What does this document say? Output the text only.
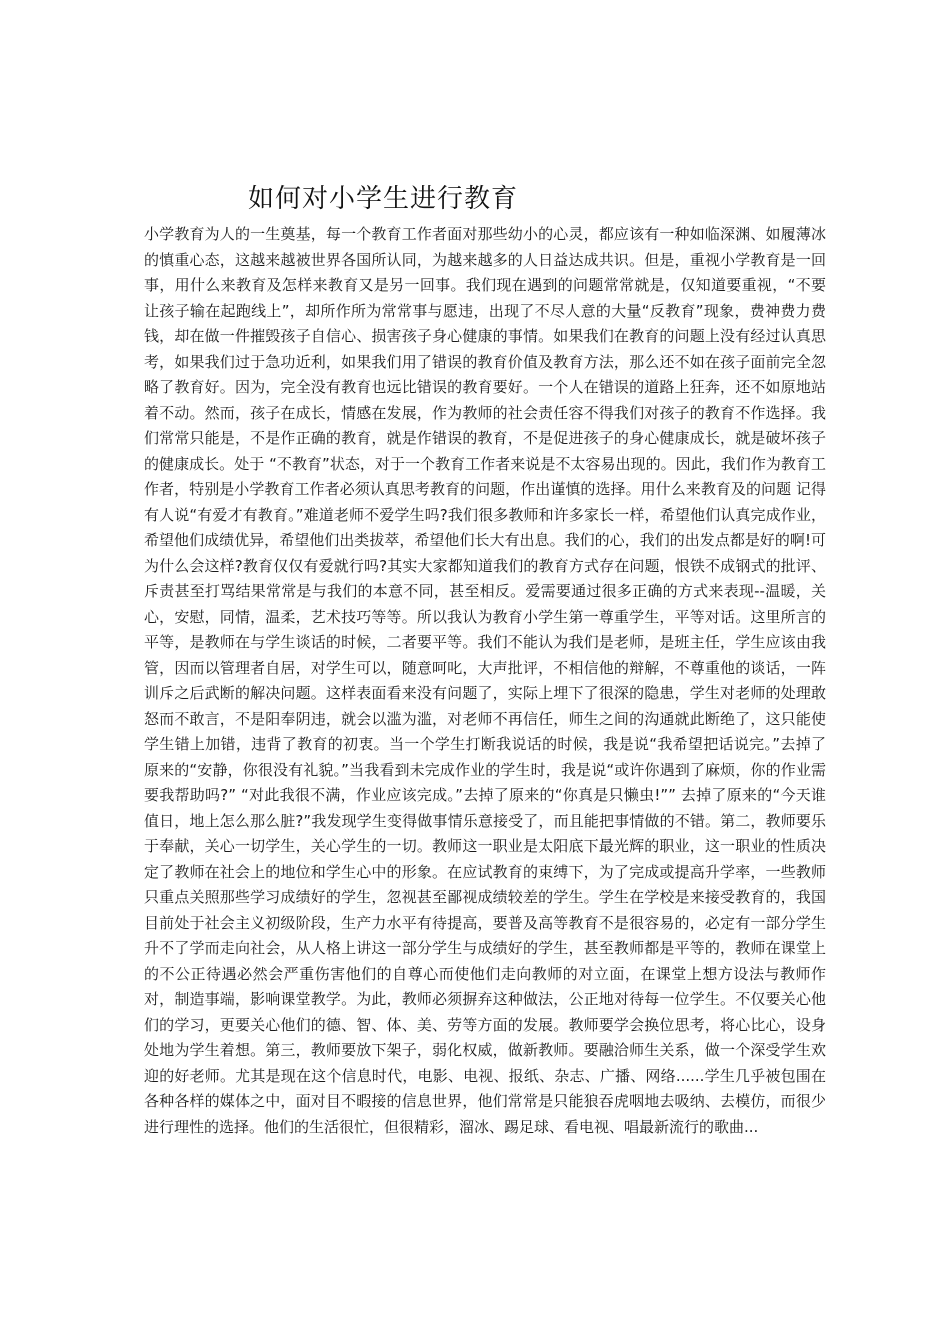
如何对小学生进行教育

小学教育为人的一生奠基，每一个教育工作者面对那些幼小的心灵，都应该有一种如临深渊、如履薄冰的慎重心态，这越来越被世界各国所认同，为越来越多的人日益达成共识。但是，重视小学教育是一回事，用什么来教育及怎样来教育又是另一回事。我们现在遇到的问题常常就是，仅知道要重视，“不要让孩子输在起跑线上”，却所作所为常常事与愿违，出现了不尽人意的大量“反教育”现象，费神费力费钱，却在做一件摧毁孩子自信心、损害孩子身心健康的事情。如果我们在教育的问题上没有经过认真思考，如果我们过于急功近利，如果我们用了错误的教育价值及教育方法，那么还不如在孩子面前完全忽略了教育好。因为，完全没有教育也远比错误的教育要好。一个人在错误的道路上狂奔，还不如原地站着不动。然而，孩子在成长，情感在发展，作为教师的社会责任容不得我们对孩子的教育不作选择。我们常常只能是，不是作正确的教育，就是作错误的教育，不是促进孩子的身心健康成长，就是破坏孩子的健康成长。处于 “不教育”状态，对于一个教育工作者来说是不太容易出现的。因此，我们作为教育工作者，特别是小学教育工作者必须认真思考教育的问题，作出谨慎的选择。用什么来教育及的问题 记得有人说“有爱才有教育。”难道老师不爱学生吗?我们很多教师和许多家长一样，希望他们认真完成作业，希望他们成绩优异，希望他们出类拔萃，希望他们长大有出息。我们的心，我们的出发点都是好的啊!可为什么会这样?教育仅仅有爱就行吗?其实大家都知道我们的教育方式存在问题，恨铁不成钢式的批评、斥责甚至打骂结果常常是与我们的本意不同，甚至相反。爱需要通过很多正确的方式来表现--温暖，关心，安慰，同情，温柔，艺术技巧等等。所以我认为教育小学生第一尊重学生，平等对话。这里所言的平等，是教师在与学生谈话的时候，二者要平等。我们不能认为我们是老师，是班主任，学生应该由我管，因而以管理者自居，对学生可以，随意呵叱，大声批评，不相信他的辩解，不尊重他的谈话，一阵训斥之后武断的解决问题。这样表面看来没有问题了，实际上埋下了很深的隐患，学生对老师的处理敢怒而不敢言，不是阳奉阴违，就会以滥为滥，对老师不再信任，师生之间的沟通就此断绝了，这只能使学生错上加错，违背了教育的初衷。当一个学生打断我说话的时候，我是说“我希望把话说完。”去掉了原来的“安静，你很没有礼貌。”当我看到未完成作业的学生时，我是说“或许你遇到了麻烦，你的作业需要我帮助吗?” “对此我很不满，作业应该完成。”去掉了原来的“你真是只懒虫!”” 去掉了原来的“今天谁值日，地上怎么那么脏?”我发现学生变得做事情乐意接受了，而且能把事情做的不错。第二，教师要乐于奉献，关心一切学生，关心学生的一切。教师这一职业是太阳底下最光辉的职业，这一职业的性质决定了教师在社会上的地位和学生心中的形象。在应试教育的束缚下，为了完成或提高升学率，一些教师只重点关照那些学习成绩好的学生，忽视甚至鄙视成绩较差的学生。学生在学校是来接受教育的，我国目前处于社会主义初级阶段，生产力水平有待提高，要普及高等教育不是很容易的，必定有一部分学生升不了学而走向社会，从人格上讲这一部分学生与成绩好的学生，甚至教师都是平等的，教师在课堂上的不公正待遇必然会严重伤害他们的自尊心而使他们走向教师的对立面，在课堂上想方设法与教师作对，制造事端，影响课堂教学。为此，教师必须摒弃这种做法，公正地对待每一位学生。不仅要关心他们的学习，更要关心他们的德、智、体、美、劳等方面的发展。教师要学会换位思考，将心比心，设身处地为学生着想。第三，教师要放下架子，弱化权威，做新教师。要融洽师生关系，做一个深受学生欢迎的好老师。尤其是现在这个信息时代，电影、电视、报纸、杂志、广播、网络......学生几乎被包围在各种各样的媒体之中，面对目不暇接的信息世界，他们常常是只能狼吞虎咽地去吸纳、去模仿，而很少进行理性的选择。他们的生活很忙，但很精彩，溜冰、踢足球、看电视、唱最新流行的歌曲...
